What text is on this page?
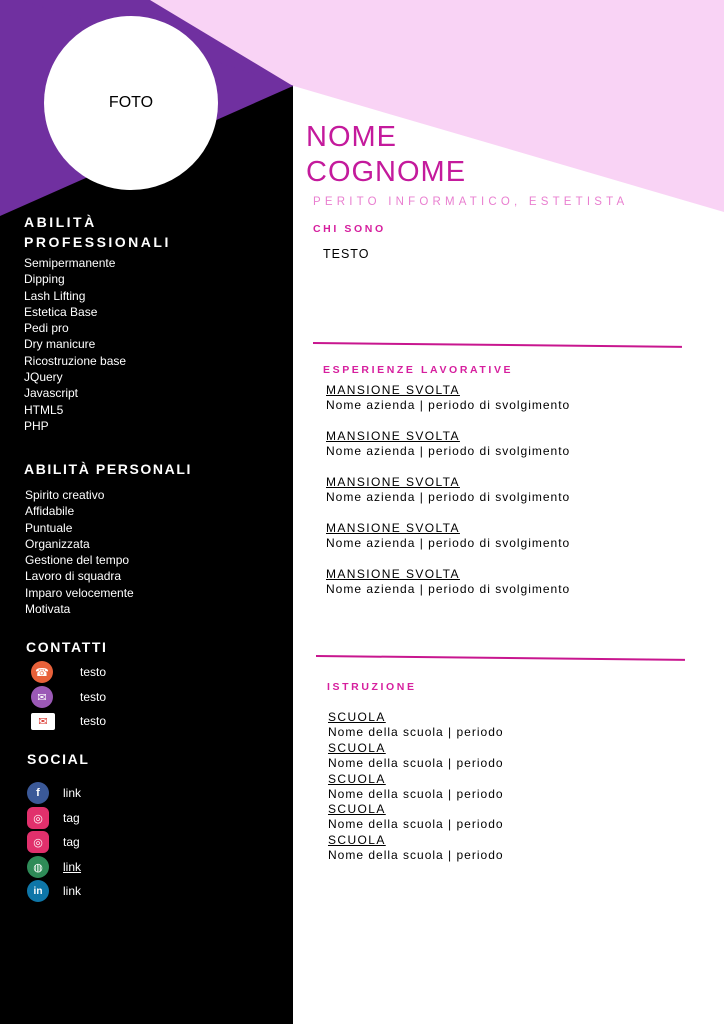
FOTO
ABILITÀ
PROFESSIONALI
Semipermanente
Dipping
Lash Lifting
Estetica Base
Pedi pro
Dry manicure
Ricostruzione base
JQuery
Javascript
HTML5
PHP
ABILITÀ PERSONALI
Spirito creativo
Affidabile
Puntuale
Organizzata
Gestione del tempo
Lavoro di squadra
Imparo velocemente
Motivata
CONTATTI
☎	testo
✉	testo
✉	testo
SOCIAL
f	link
◎	tag
◎	tag
◍	link
in	link
NOME
COGNOME
PERITO INFORMATICO, ESTETISTA
CHI SONO
TESTO
ESPERIENZE LAVORATIVE
MANSIONE SVOLTA
Nome azienda | periodo di svolgimento
MANSIONE SVOLTA
Nome azienda | periodo di svolgimento
MANSIONE SVOLTA
Nome azienda | periodo di svolgimento
MANSIONE SVOLTA
Nome azienda | periodo di svolgimento
MANSIONE SVOLTA
Nome azienda | periodo di svolgimento
ISTRUZIONE
SCUOLA
Nome della scuola | periodo
SCUOLA
Nome della scuola | periodo
SCUOLA
Nome della scuola | periodo
SCUOLA
Nome della scuola | periodo
SCUOLA
Nome della scuola | periodo
